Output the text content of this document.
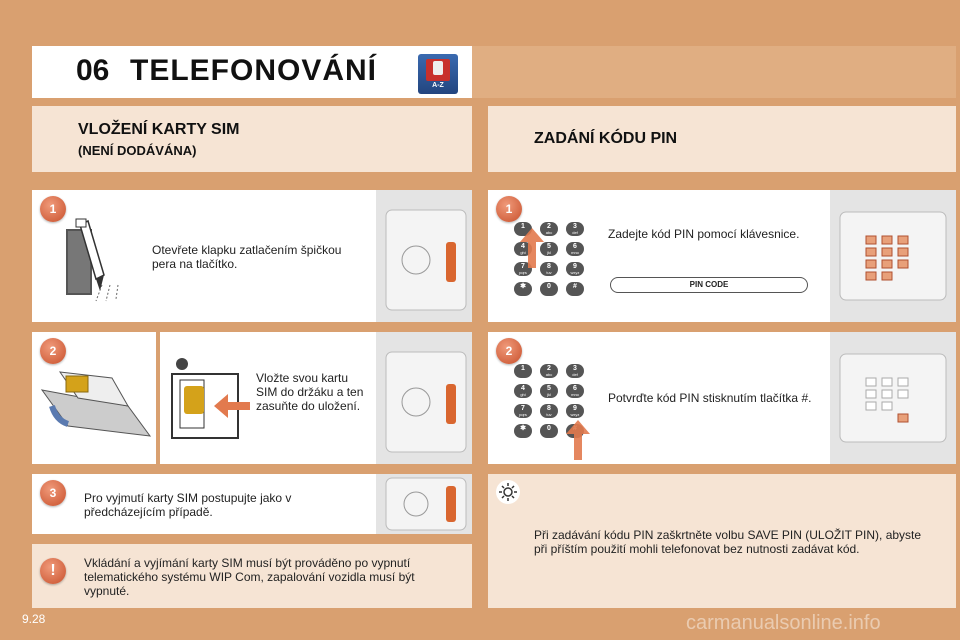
06 TELEFONOVÁNÍ	A-Z
VLOŽENÍ KARTY SIM
(NENÍ DODÁVÁNA)
ZADÁNÍ KÓDU PIN
1
Otevřete klapku zatlačením špičkou pera na tlačítko.
2
Vložte svou kartu SIM do držáku a ten zasuňte do uložení.
3	Pro vyjmutí karty SIM postupujte jako v předcházejícím případě.
!	Vkládání a vyjímání karty SIM musí být prováděno po vypnutí telematického systému WIP Com, zapalování vozidla musí být vypnuté.
1
1	2
abc
3
def
4
ghi
5
jkl
6
mno
7
pqrs
8
tuv
9
wxyz
✱	0	#
Zadejte kód PIN pomocí klávesnice.
PIN CODE
2
1	2
abc
3
def
4
ghi
5
jkl
6
mno
7
pqrs
8
tuv
9
wxyz
✱	0
Potvrďte kód PIN stisknutím tlačítka #.
Při zadávání kódu PIN zaškrtněte volbu SAVE PIN (ULOŽIT PIN), abyste při příštím použití mohli telefonovat bez nutnosti zadávat kód.
9.28	carmanualsonline.info
